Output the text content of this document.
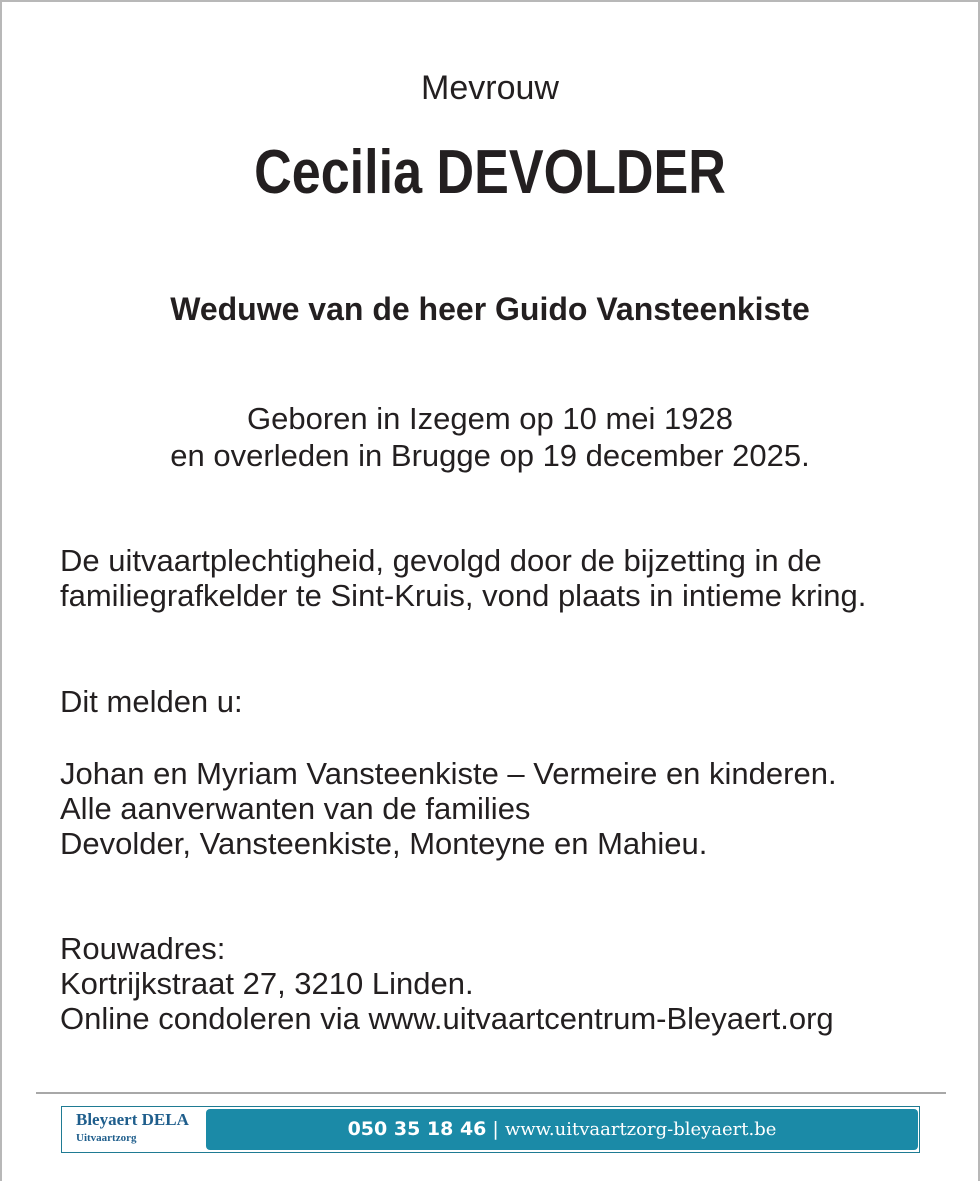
Mevrouw
Cecilia DEVOLDER
Weduwe van de heer Guido Vansteenkiste
Geboren in Izegem op 10 mei 1928
en overleden in Brugge op 19 december 2025.
De uitvaartplechtigheid, gevolgd door de bijzetting in de
familiegrafkelder te Sint-Kruis, vond plaats in intieme kring.
Dit melden u:
Johan en Myriam Vansteenkiste – Vermeire en kinderen.
Alle aanverwanten van de families
Devolder, Vansteenkiste, Monteyne en Mahieu.
Rouwadres:
Kortrijkstraat 27, 3210 Linden.
Online condoleren via www.uitvaartcentrum-Bleyaert.org
Bleyaert DELA
Uitvaartzorg	050 35 18 46 | www.uitvaartzorg-bleyaert.be
